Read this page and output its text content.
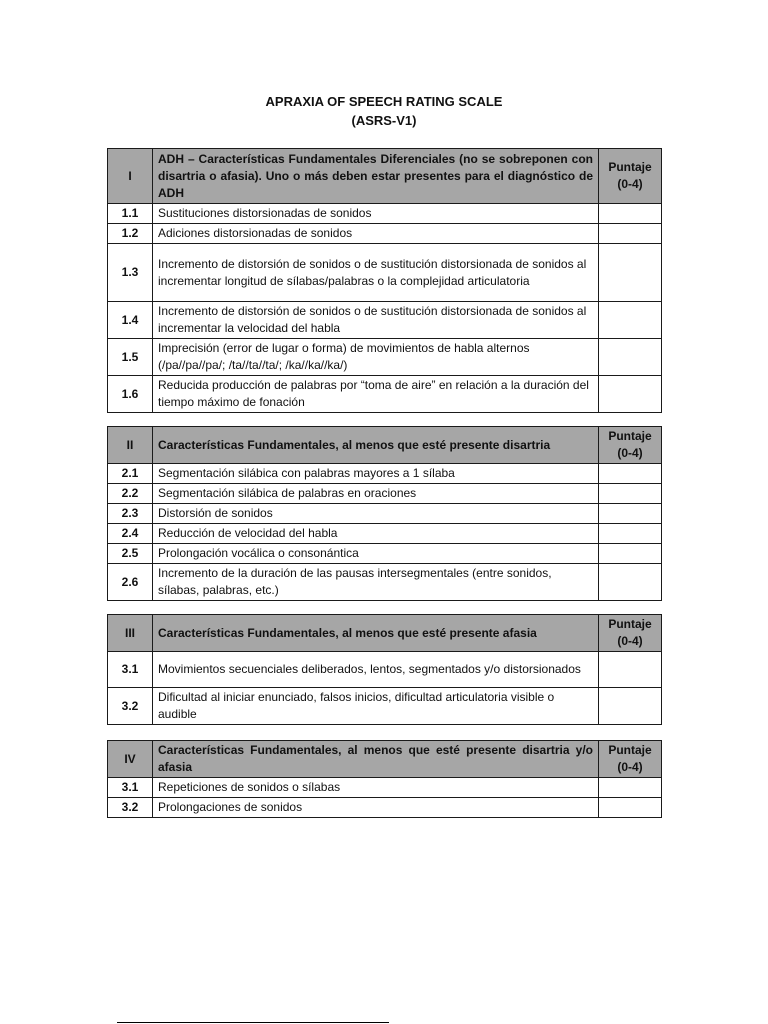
APRAXIA OF SPEECH RATING SCALE
(ASRS-V1)
I	ADH – Características Fundamentales Diferenciales (no se sobreponen con disartria o afasia). Uno o más deben estar presentes para el diagnóstico de ADH	Puntaje (0-4)
1.1	Sustituciones distorsionadas de sonidos	
1.2	Adiciones distorsionadas de sonidos	
1.3	Incremento de distorsión de sonidos o de sustitución distorsionada de sonidos al incrementar longitud de sílabas/palabras o la complejidad articulatoria	
1.4	Incremento de distorsión de sonidos o de sustitución distorsionada de sonidos al incrementar la velocidad del habla	
1.5	Imprecisión (error de lugar o forma) de movimientos de habla alternos (/pa//pa//pa/; /ta//ta//ta/; /ka//ka//ka/)	
1.6	Reducida producción de palabras por “toma de aire” en relación a la duración del tiempo máximo de fonación	
II	Características Fundamentales, al menos que esté presente disartria	Puntaje (0-4)
2.1	Segmentación silábica con palabras mayores a 1 sílaba	
2.2	Segmentación silábica de palabras en oraciones	
2.3	Distorsión de sonidos	
2.4	Reducción de velocidad del habla	
2.5	Prolongación vocálica o consonántica	
2.6	Incremento de la duración de las pausas intersegmentales (entre sonidos, sílabas, palabras, etc.)	
III	Características Fundamentales, al menos que esté presente afasia	Puntaje (0-4)
3.1	Movimientos secuenciales deliberados, lentos, segmentados y/o distorsionados	
3.2	Dificultad al iniciar enunciado, falsos inicios, dificultad articulatoria visible o audible	
IV	Características Fundamentales, al menos que esté presente disartria y/o afasia	Puntaje (0-4)
3.1	Repeticiones de sonidos o sílabas	
3.2	Prolongaciones de sonidos	
